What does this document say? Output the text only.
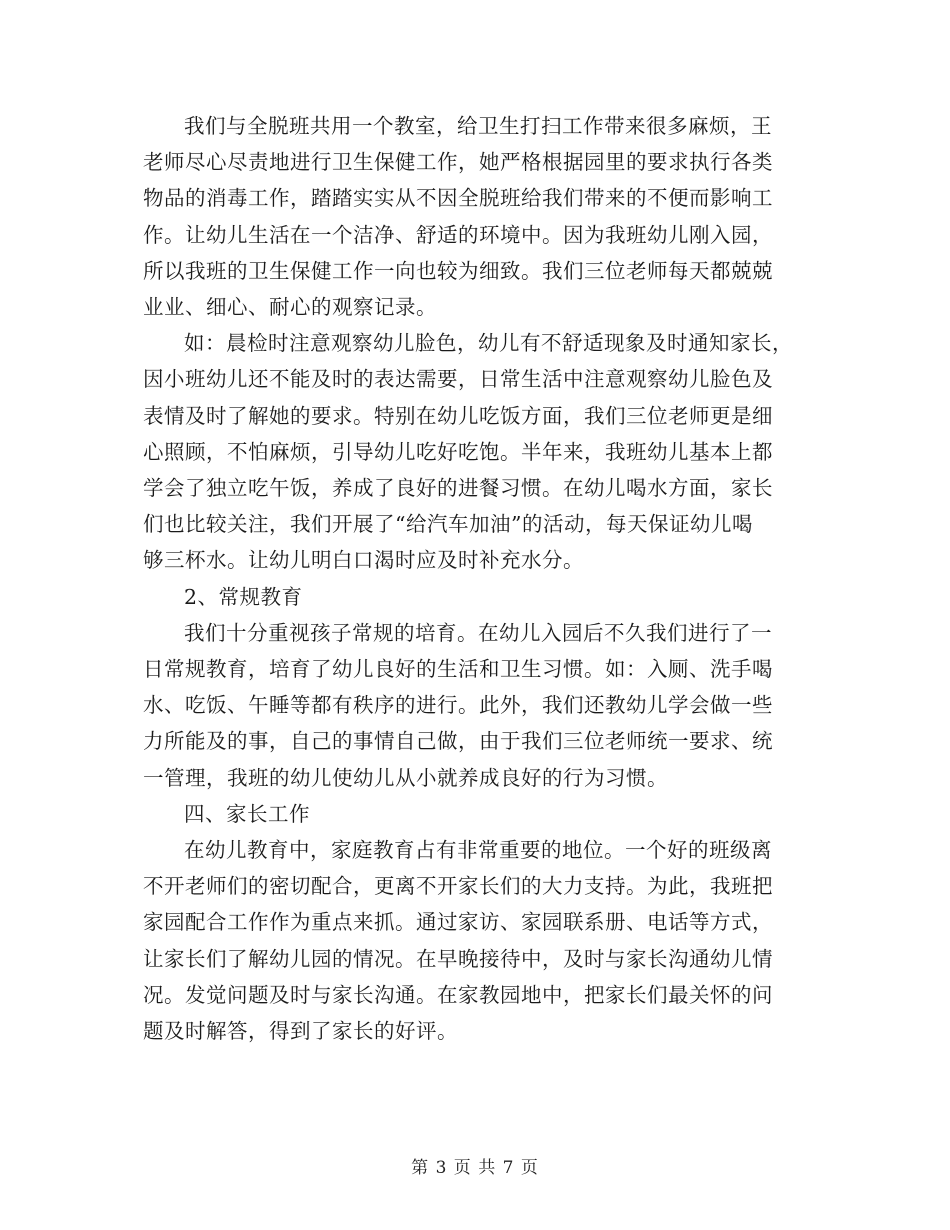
我们与全脱班共用一个教室，给卫生打扫工作带来很多麻烦，王
老师尽心尽责地进行卫生保健工作，她严格根据园里的要求执行各类
物品的消毒工作，踏踏实实从不因全脱班给我们带来的不便而影响工
作。让幼儿生活在一个洁净、舒适的环境中。因为我班幼儿刚入园，
所以我班的卫生保健工作一向也较为细致。我们三位老师每天都兢兢
业业、细心、耐心的观察记录。
如：晨检时注意观察幼儿脸色，幼儿有不舒适现象及时通知家长，
因小班幼儿还不能及时的表达需要，日常生活中注意观察幼儿脸色及
表情及时了解她的要求。特别在幼儿吃饭方面，我们三位老师更是细
心照顾，不怕麻烦，引导幼儿吃好吃饱。半年来，我班幼儿基本上都
学会了独立吃午饭，养成了良好的进餐习惯。在幼儿喝水方面，家长
们也比较关注，我们开展了“给汽车加油”的活动，每天保证幼儿喝
够三杯水。让幼儿明白口渴时应及时补充水分。
2、常规教育
我们十分重视孩子常规的培育。在幼儿入园后不久我们进行了一
日常规教育，培育了幼儿良好的生活和卫生习惯。如：入厕、洗手喝
水、吃饭、午睡等都有秩序的进行。此外，我们还教幼儿学会做一些
力所能及的事，自己的事情自己做，由于我们三位老师统一要求、统
一管理，我班的幼儿使幼儿从小就养成良好的行为习惯。
四、家长工作
在幼儿教育中，家庭教育占有非常重要的地位。一个好的班级离
不开老师们的密切配合，更离不开家长们的大力支持。为此，我班把
家园配合工作作为重点来抓。通过家访、家园联系册、电话等方式，
让家长们了解幼儿园的情况。在早晚接待中，及时与家长沟通幼儿情
况。发觉问题及时与家长沟通。在家教园地中，把家长们最关怀的问
题及时解答，得到了家长的好评。
第 3 页 共 7 页
